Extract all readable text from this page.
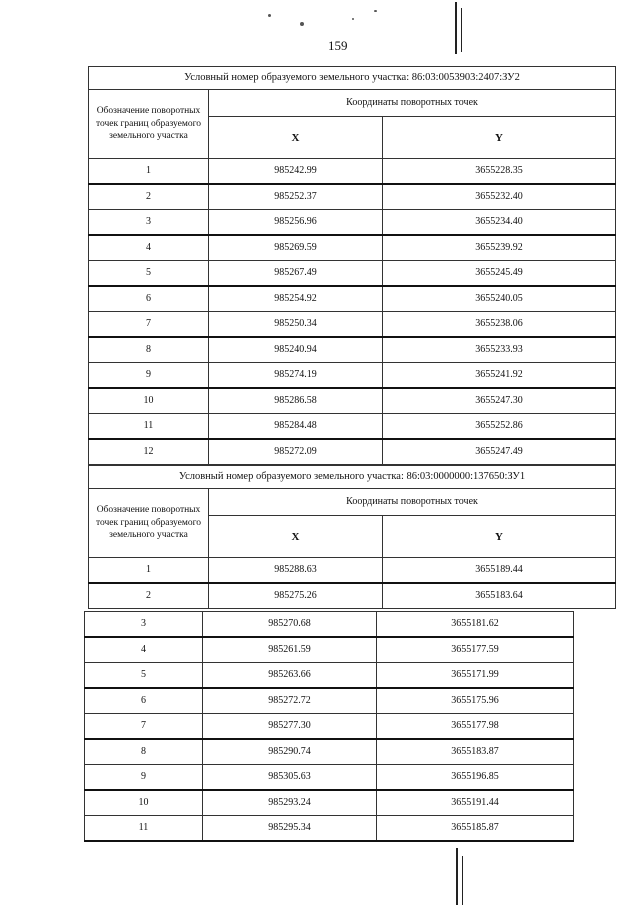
159
Условный номер образуемого земельного участка: 86:03:0053903:2407:ЗУ2		
Обозначение поворотных точек границ образуемого земельного участка	Координаты поворотных точек	
	X	Y
1	985242.99	3655228.35
2	985252.37	3655232.40
3	985256.96	3655234.40
4	985269.59	3655239.92
5	985267.49	3655245.49
6	985254.92	3655240.05
7	985250.34	3655238.06
8	985240.94	3655233.93
9	985274.19	3655241.92
10	985286.58	3655247.30
11	985284.48	3655252.86
12	985272.09	3655247.49
Условный номер образуемого земельного участка: 86:03:0000000:137650:ЗУ1		
Обозначение поворотных точек границ образуемого земельного участка	Координаты поворотных точек	
	X	Y
1	985288.63	3655189.44
2	985275.26	3655183.64
3	985270.68	3655181.62
4	985261.59	3655177.59
5	985263.66	3655171.99
6	985272.72	3655175.96
7	985277.30	3655177.98
8	985290.74	3655183.87
9	985305.63	3655196.85
10	985293.24	3655191.44
11	985295.34	3655185.87
